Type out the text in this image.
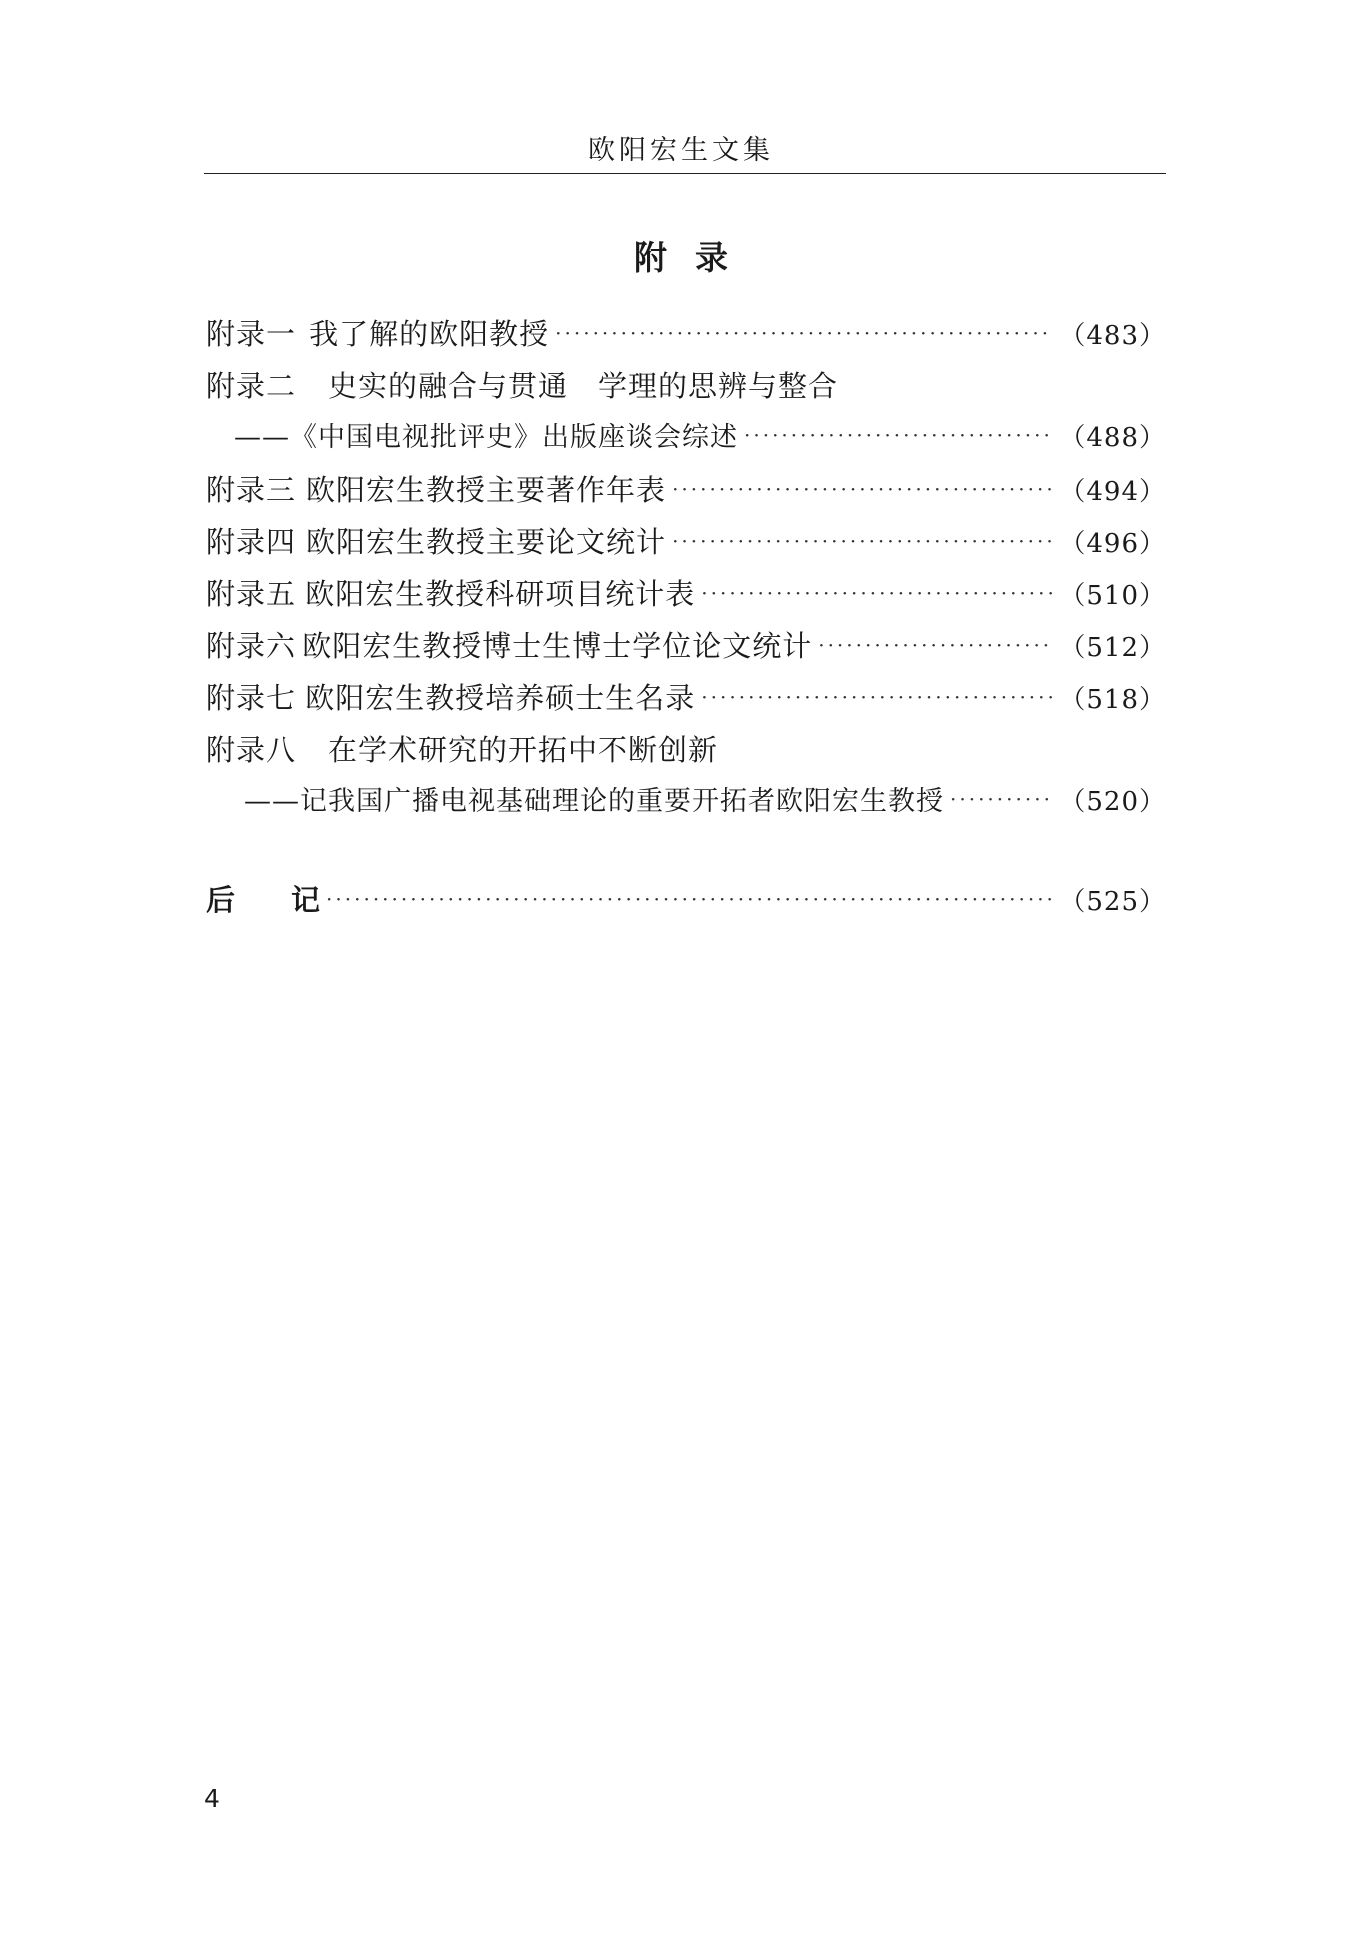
欧阳宏生文集
附录
附录一 我了解的欧阳教授 ·····	（483）
附录二 史实的融合与贯通　学理的思辨与整合
——《中国电视批评史》出版座谈会综述 ·····	（488）
附录三 欧阳宏生教授主要著作年表 ·····	（494）
附录四 欧阳宏生教授主要论文统计 ·····	（496）
附录五 欧阳宏生教授科研项目统计表 ·····	（510）
附录六 欧阳宏生教授博士生博士学位论文统计 ·····	（512）
附录七 欧阳宏生教授培养硕士生名录 ·····	（518）
附录八 在学术研究的开拓中不断创新
——记我国广播电视基础理论的重要开拓者欧阳宏生教授 ·····	（520）
后 记 ·····	（525）
4
